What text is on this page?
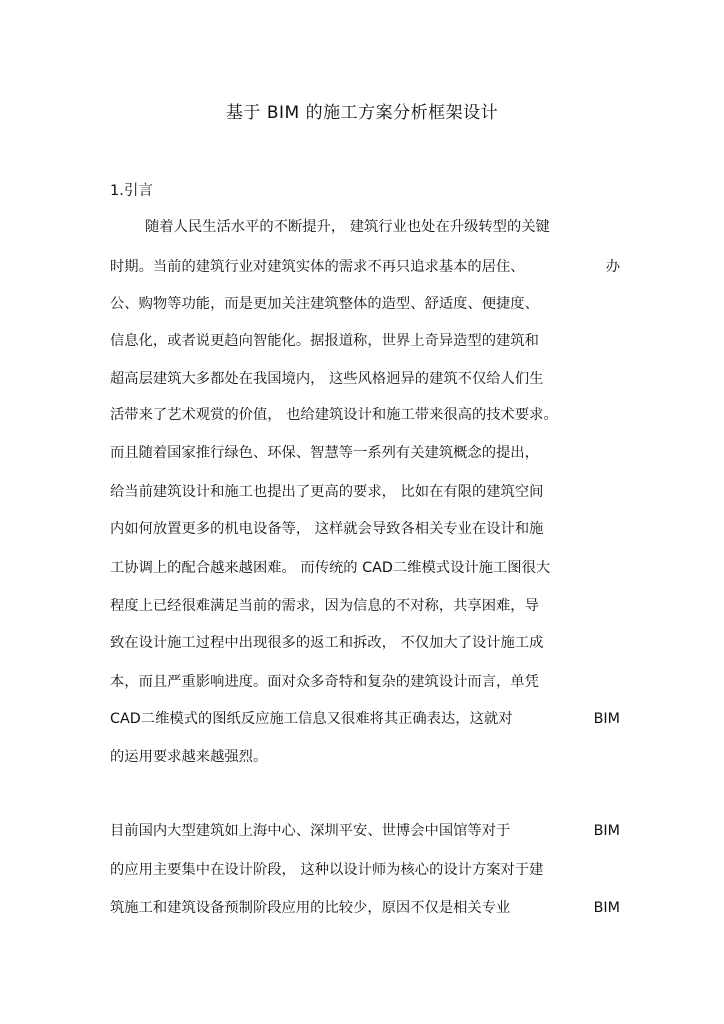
基于 BIM 的施工方案分析框架设计
1.引言
随着人民生活水平的不断提升， 建筑行业也处在升级转型的关键
时期。当前的建筑行业对建筑实体的需求不再只追求基本的居住、	办
公、购物等功能，而是更加关注建筑整体的造型、舒适度、便捷度、
信息化，或者说更趋向智能化。据报道称，世界上奇异造型的建筑和
超高层建筑大多都处在我国境内， 这些风格迥异的建筑不仅给人们生
活带来了艺术观赏的价值， 也给建筑设计和施工带来很高的技术要求。
而且随着国家推行绿色、环保、智慧等一系列有关建筑概念的提出，
给当前建筑设计和施工也提出了更高的要求， 比如在有限的建筑空间
内如何放置更多的机电设备等， 这样就会导致各相关专业在设计和施
工协调上的配合越来越困难。 而传统的 CAD二维模式设计施工图很大
程度上已经很难满足当前的需求，因为信息的不对称，共享困难，导
致在设计施工过程中出现很多的返工和拆改， 不仅加大了设计施工成
本，而且严重影响进度。面对众多奇特和复杂的建筑设计而言，单凭
CAD二维模式的图纸反应施工信息又很难将其正确表达，这就对	BIM
的运用要求越来越强烈。
目前国内大型建筑如上海中心、深圳平安、世博会中国馆等对于	BIM
的应用主要集中在设计阶段， 这种以设计师为核心的设计方案对于建
筑施工和建筑设备预制阶段应用的比较少，原因不仅是相关专业	BIM
